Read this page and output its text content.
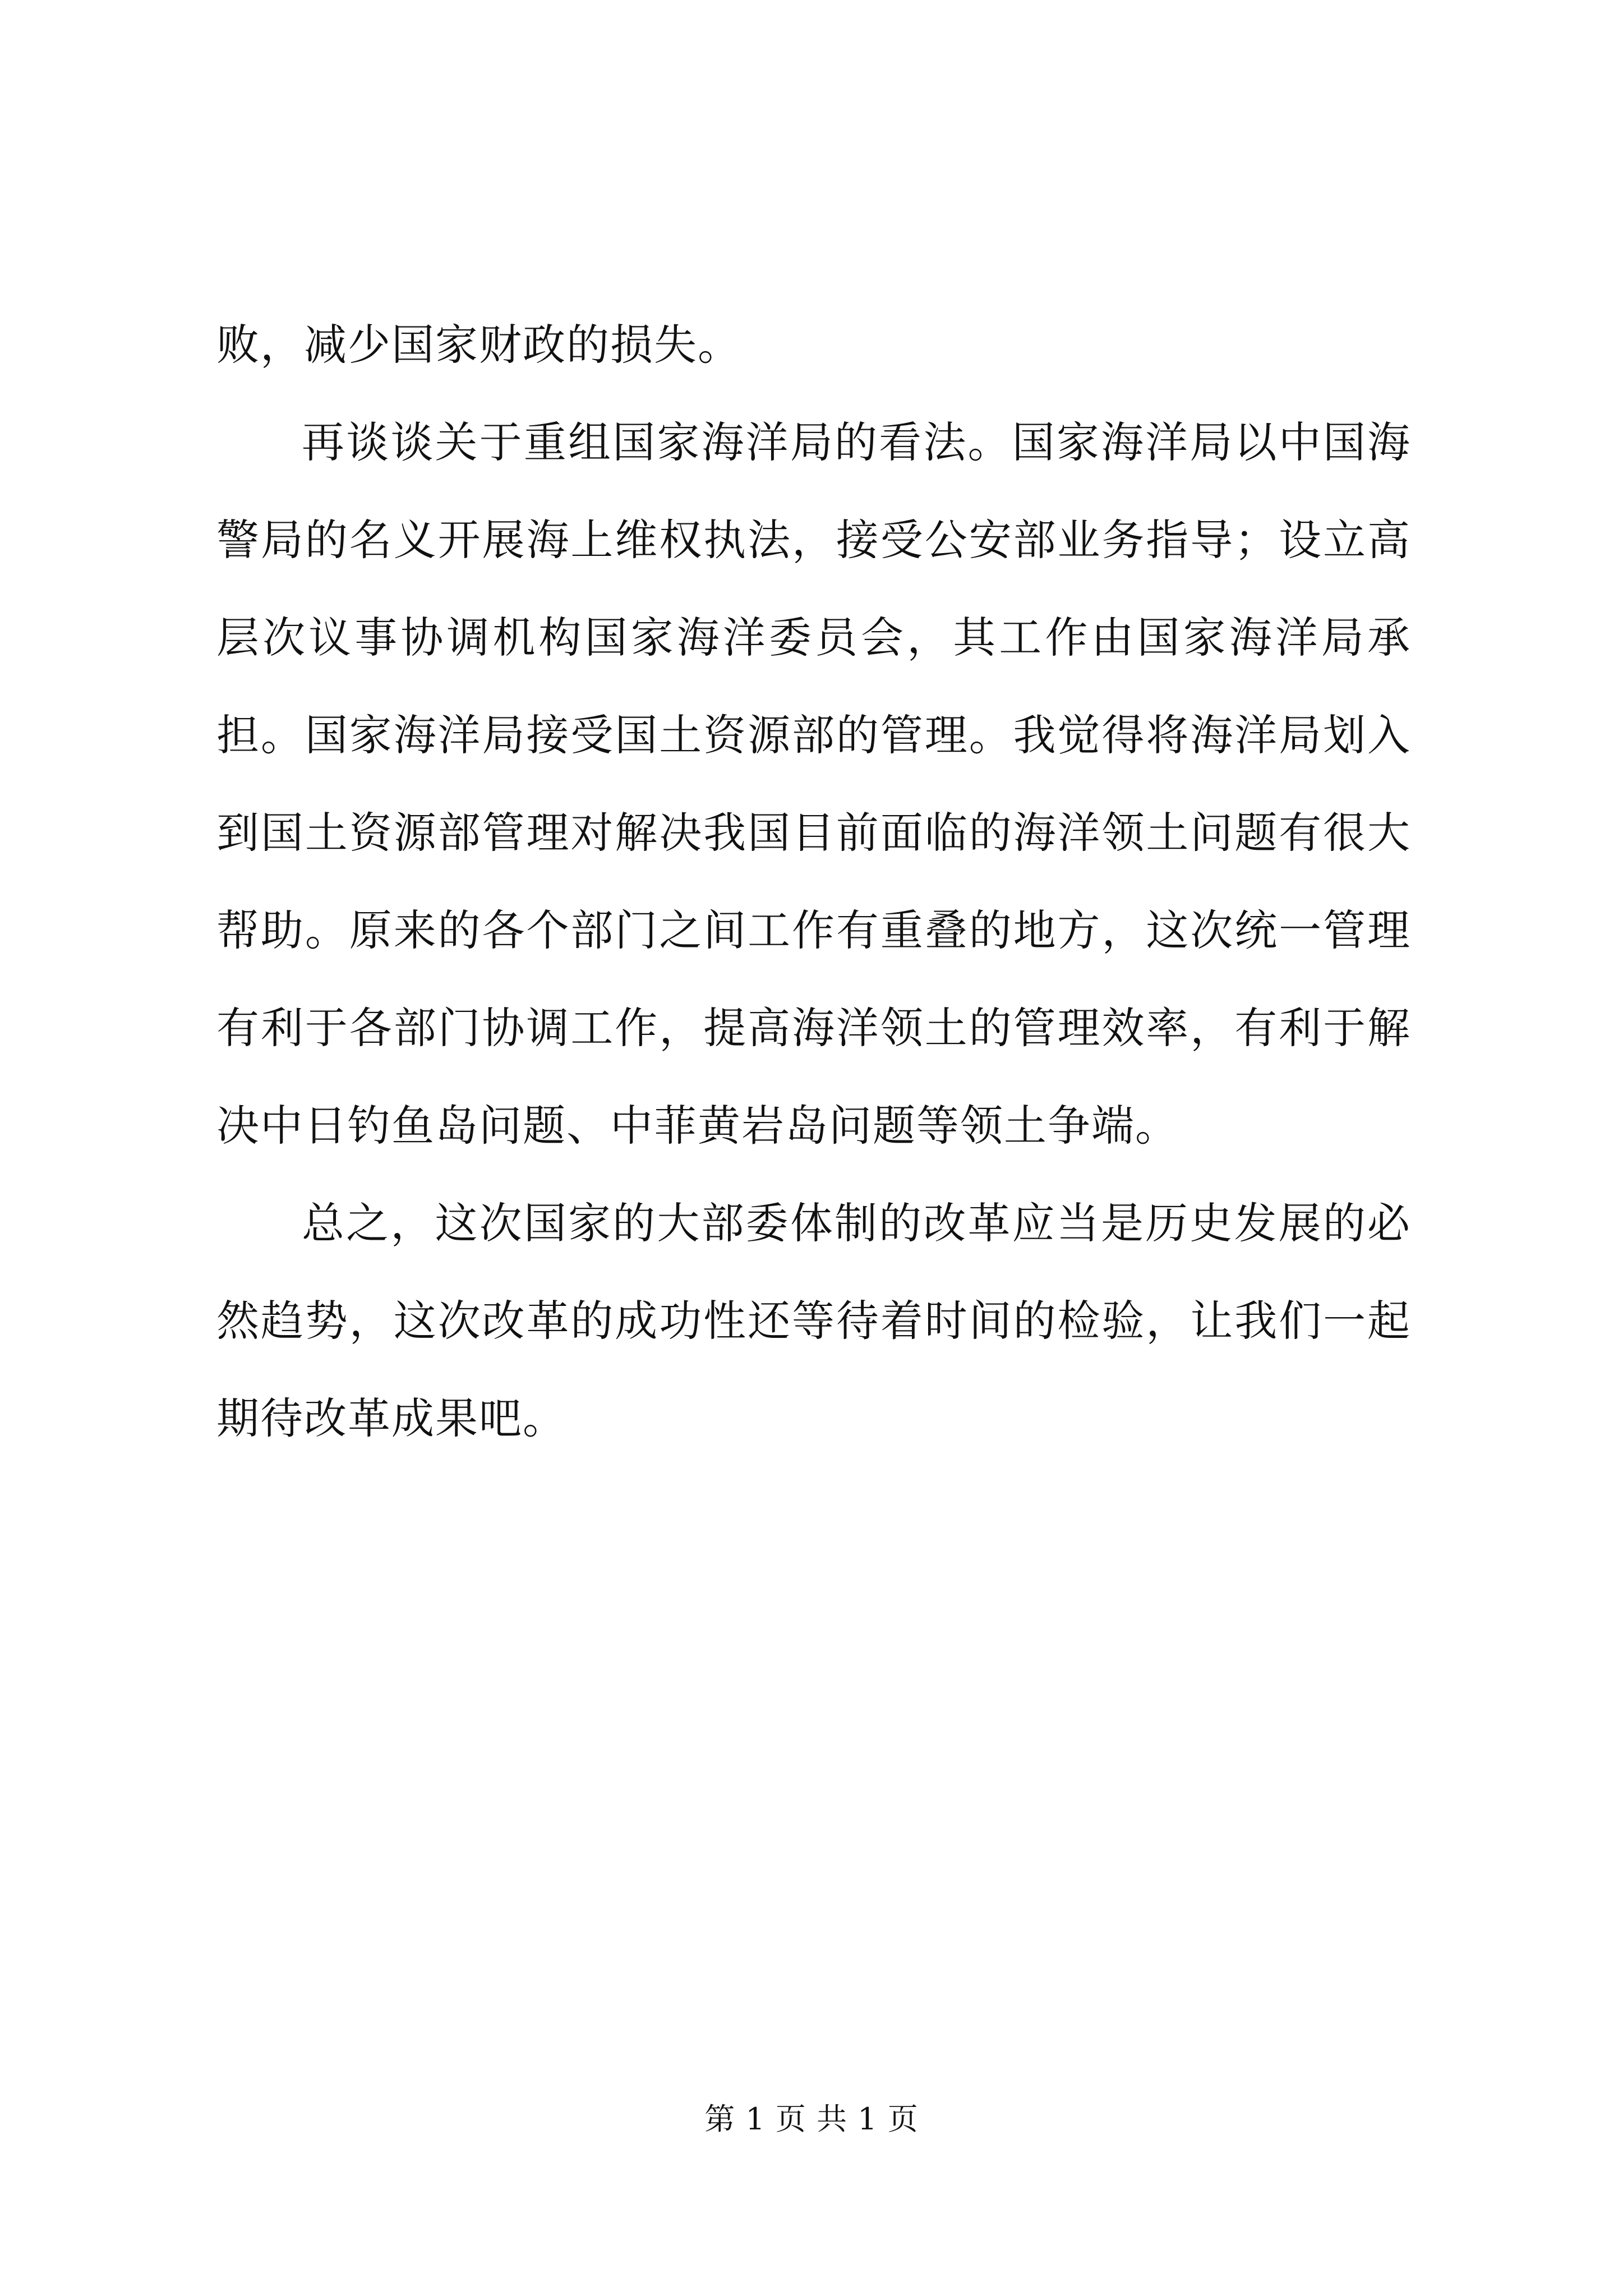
败，减少国家财政的损失。

再谈谈关于重组国家海洋局的看法。国家海洋局以中国海警局的名义开展海上维权执法，接受公安部业务指导；设立高层次议事协调机构国家海洋委员会，其工作由国家海洋局承担。国家海洋局接受国土资源部的管理。我觉得将海洋局划入到国土资源部管理对解决我国目前面临的海洋领土问题有很大帮助。原来的各个部门之间工作有重叠的地方，这次统一管理有利于各部门协调工作，提高海洋领土的管理效率，有利于解决中日钓鱼岛问题、中菲黄岩岛问题等领土争端。

总之，这次国家的大部委体制的改革应当是历史发展的必然趋势，这次改革的成功性还等待着时间的检验，让我们一起期待改革成果吧。

第 1 页 共 1 页
